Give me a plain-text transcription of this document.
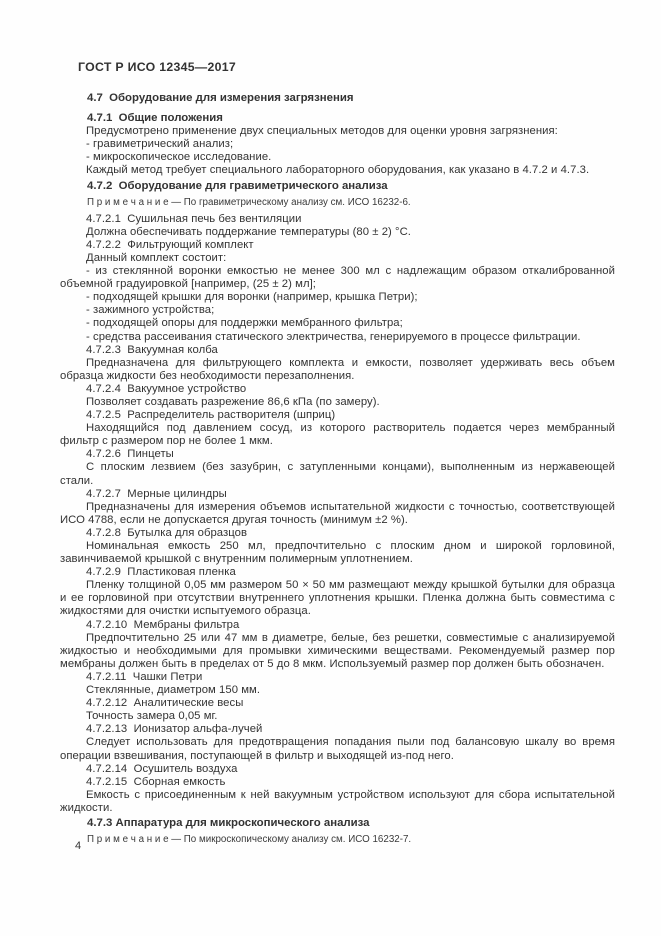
ГОСТ Р ИСО 12345—2017
4.7  Оборудование для измерения загрязнения
4.7.1  Общие положения
Предусмотрено применение двух специальных методов для оценки уровня загрязнения:
- гравиметрический анализ;
- микроскопическое исследование.
Каждый метод требует специального лабораторного оборудования, как указано в 4.7.2 и 4.7.3.
4.7.2  Оборудование для гравиметрического анализа
П р и м е ч а н и е — По гравиметрическому анализу см. ИСО 16232-6.
4.7.2.1  Сушильная печь без вентиляции
Должна обеспечивать поддержание температуры (80 ± 2) °С.
4.7.2.2  Фильтрующий комплект
Данный комплект состоит:
- из стеклянной воронки емкостью не менее 300 мл с надлежащим образом откалиброванной объемной градуировкой [например, (25 ± 2) мл];
- подходящей крышки для воронки (например, крышка Петри);
- зажимного устройства;
- подходящей опоры для поддержки мембранного фильтра;
- средства рассеивания статического электричества, генерируемого в процессе фильтрации.
4.7.2.3  Вакуумная колба
Предназначена для фильтрующего комплекта и емкости, позволяет удерживать весь объем образца жидкости без необходимости перезаполнения.
4.7.2.4  Вакуумное устройство
Позволяет создавать разрежение 86,6 кПа (по замеру).
4.7.2.5  Распределитель растворителя (шприц)
Находящийся под давлением сосуд, из которого растворитель подается через мембранный фильтр с размером пор не более 1 мкм.
4.7.2.6  Пинцеты
С плоским лезвием (без зазубрин, с затупленными концами), выполненным из нержавеющей стали.
4.7.2.7  Мерные цилиндры
Предназначены для измерения объемов испытательной жидкости с точностью, соответствующей ИСО 4788, если не допускается другая точность (минимум ±2 %).
4.7.2.8  Бутылка для образцов
Номинальная емкость 250 мл, предпочтительно с плоским дном и широкой горловиной, завинчиваемой крышкой с внутренним полимерным уплотнением.
4.7.2.9  Пластиковая пленка
Пленку толщиной 0,05 мм размером 50 × 50 мм размещают между крышкой бутылки для образца и ее горловиной при отсутствии внутреннего уплотнения крышки. Пленка должна быть совместима с жидкостями для очистки испытуемого образца.
4.7.2.10  Мембраны фильтра
Предпочтительно 25 или 47 мм в диаметре, белые, без решетки, совместимые с анализируемой жидкостью и необходимыми для промывки химическими веществами. Рекомендуемый размер пор мембраны должен быть в пределах от 5 до 8 мкм. Используемый размер пор должен быть обозначен.
4.7.2.11  Чашки Петри
Стеклянные, диаметром 150 мм.
4.7.2.12  Аналитические весы
Точность замера 0,05 мг.
4.7.2.13  Ионизатор альфа-лучей
Следует использовать для предотвращения попадания пыли под балансовую шкалу во время операции взвешивания, поступающей в фильтр и выходящей из-под него.
4.7.2.14  Осушитель воздуха
4.7.2.15  Сборная емкость
Емкость с присоединенным к ней вакуумным устройством используют для сбора испытательной жидкости.
4.7.3 Аппаратура для микроскопического анализа
П р и м е ч а н и е — По микроскопическому анализу см. ИСО 16232-7.
4
